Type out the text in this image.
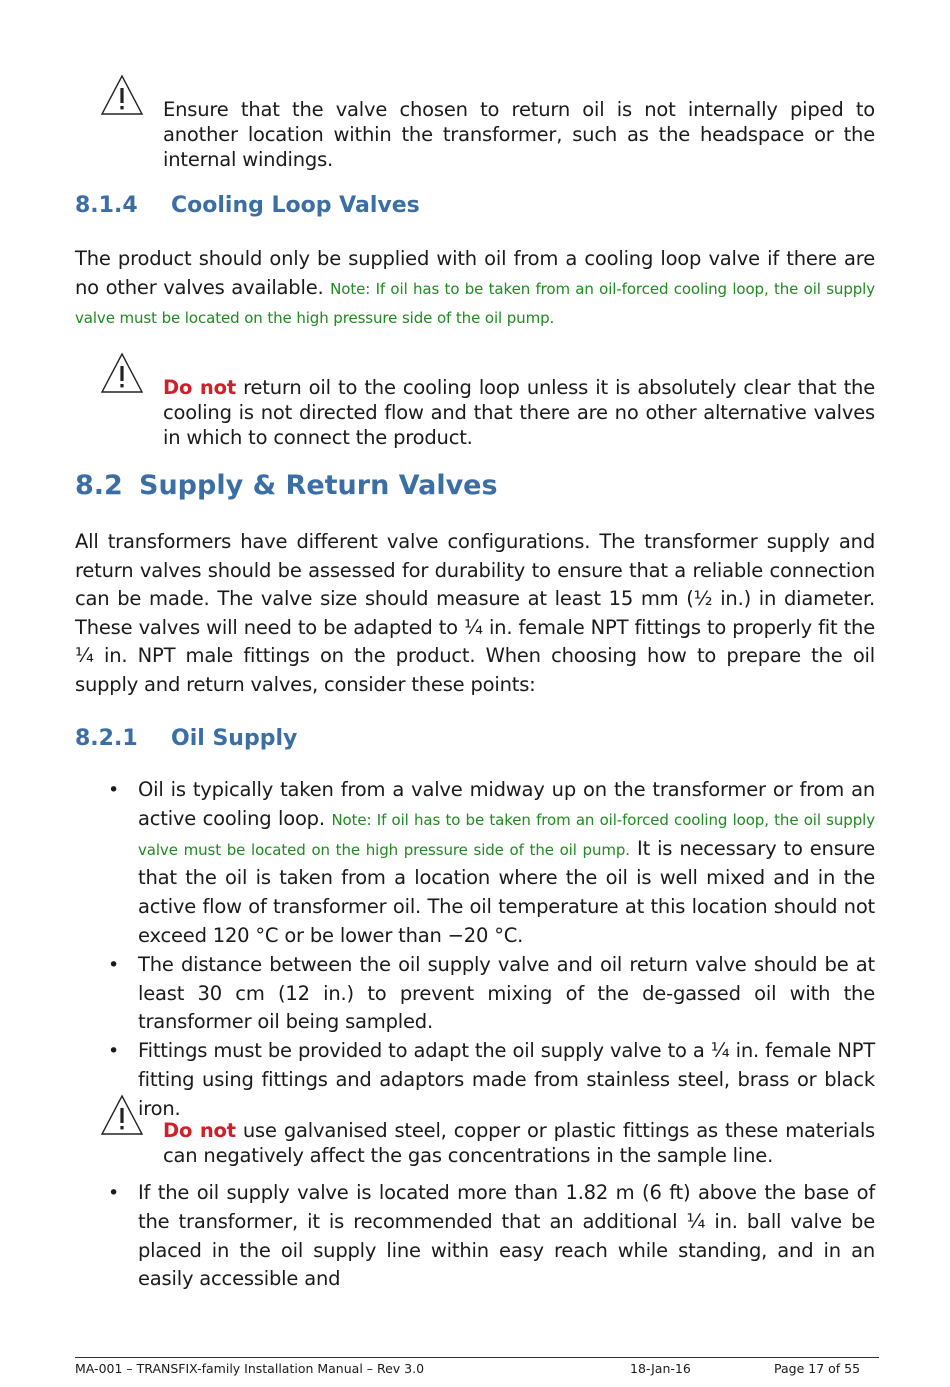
Ensure that the valve chosen to return oil is not internally piped to another location within the transformer, such as the headspace or the internal windings.
8.1.4 Cooling Loop Valves
The product should only be supplied with oil from a cooling loop valve if there are no other valves available. Note: If oil has to be taken from an oil-forced cooling loop, the oil supply valve must be located on the high pressure side of the oil pump.
Do not return oil to the cooling loop unless it is absolutely clear that the cooling is not directed flow and that there are no other alternative valves in which to connect the product.
8.2 Supply & Return Valves
All transformers have different valve configurations. The transformer supply and return valves should be assessed for durability to ensure that a reliable connection can be made. The valve size should measure at least 15 mm (½ in.) in diameter. These valves will need to be adapted to ¼ in. female NPT fittings to properly fit the ¼ in. NPT male fittings on the product. When choosing how to prepare the oil supply and return valves, consider these points:
8.2.1 Oil Supply
• Oil is typically taken from a valve midway up on the transformer or from an active cooling loop. Note: If oil has to be taken from an oil-forced cooling loop, the oil supply valve must be located on the high pressure side of the oil pump. It is necessary to ensure that the oil is taken from a location where the oil is well mixed and in the active flow of transformer oil. The oil temperature at this location should not exceed 120 °C or be lower than −20 °C.
• The distance between the oil supply valve and oil return valve should be at least 30 cm (12 in.) to prevent mixing of the de-gassed oil with the transformer oil being sampled.
• Fittings must be provided to adapt the oil supply valve to a ¼ in. female NPT fitting using fittings and adaptors made from stainless steel, brass or black iron.
Do not use galvanised steel, copper or plastic fittings as these materials can negatively affect the gas concentrations in the sample line.
• If the oil supply valve is located more than 1.82 m (6 ft) above the base of the transformer, it is recommended that an additional ¼ in. ball valve be placed in the oil supply line within easy reach while standing, and in an easily accessible and
MA-001 – TRANSFIX-family Installation Manual – Rev 3.0	18-Jan-16	Page 17 of 55
